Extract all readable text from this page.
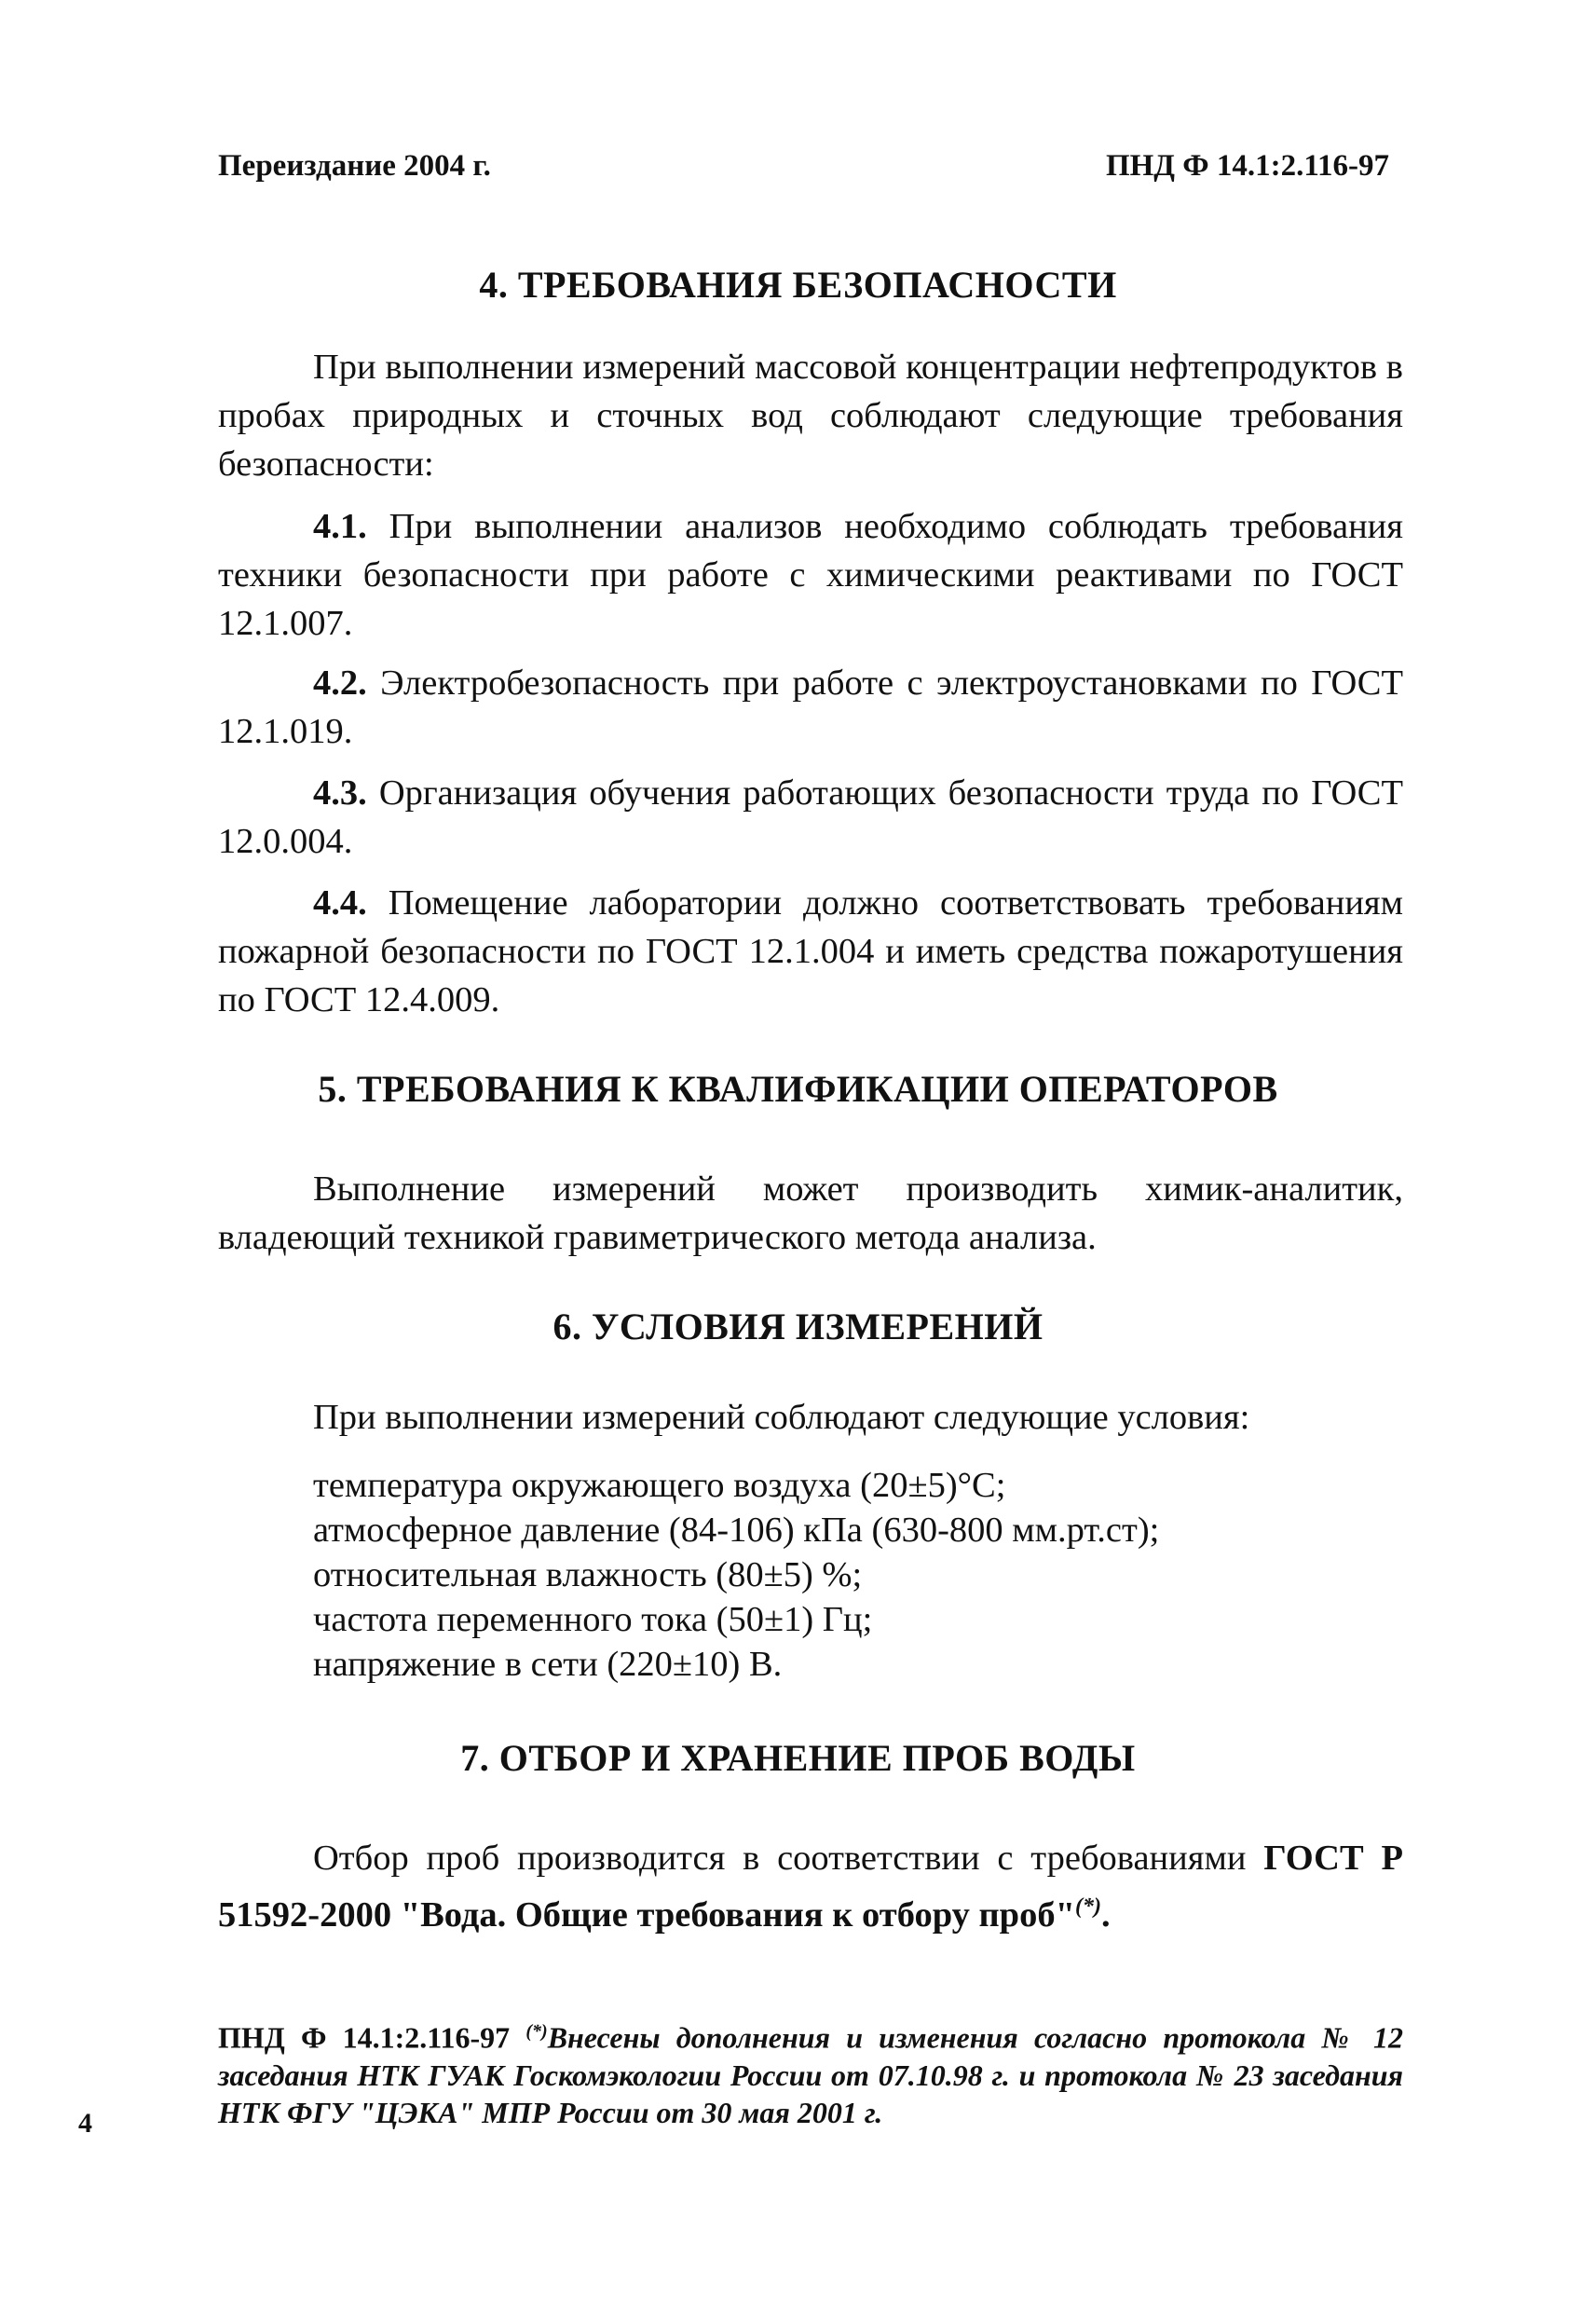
Переиздание 2004 г.	ПНД Ф 14.1:2.116-97
4. ТРЕБОВАНИЯ БЕЗОПАСНОСТИ

При выполнении измерений массовой концентрации нефтепродуктов в пробах природных и сточных вод соблюдают следующие требования безопасности:

4.1. При выполнении анализов необходимо соблюдать требования техники безопасности при работе с химическими реактивами по ГОСТ 12.1.007.

4.2. Электробезопасность при работе с электроустановками по ГОСТ 12.1.019.

4.3. Организация обучения работающих безопасности труда по ГОСТ 12.0.004.

4.4. Помещение лаборатории должно соответствовать требованиям пожарной безопасности по ГОСТ 12.1.004 и иметь средства пожаротушения по ГОСТ 12.4.009.

5. ТРЕБОВАНИЯ К КВАЛИФИКАЦИИ ОПЕРАТОРОВ

Выполнение измерений может производить химик-аналитик, владеющий техникой гравиметрического метода анализа.

6. УСЛОВИЯ ИЗМЕРЕНИЙ

При выполнении измерений соблюдают следующие условия:

температура окружающего воздуха (20±5)°С;
атмосферное давление (84-106) кПа (630-800 мм.рт.ст);
относительная влажность (80±5) %;
частота переменного тока (50±1) Гц;
напряжение в сети (220±10) В.
7. ОТБОР И ХРАНЕНИЕ ПРОБ ВОДЫ

Отбор проб производится в соответствии с требованиями ГОСТ Р 51592-2000 "Вода. Общие требования к отбору проб"(*).

ПНД Ф 14.1:2.116-97 (*)Внесены дополнения и изменения согласно протокола № 12 заседания НТК ГУАК Госкомэкологии России от 07.10.98 г. и протокола № 23 заседания НТК ФГУ "ЦЭКА" МПР России от 30 мая 2001 г.

4
